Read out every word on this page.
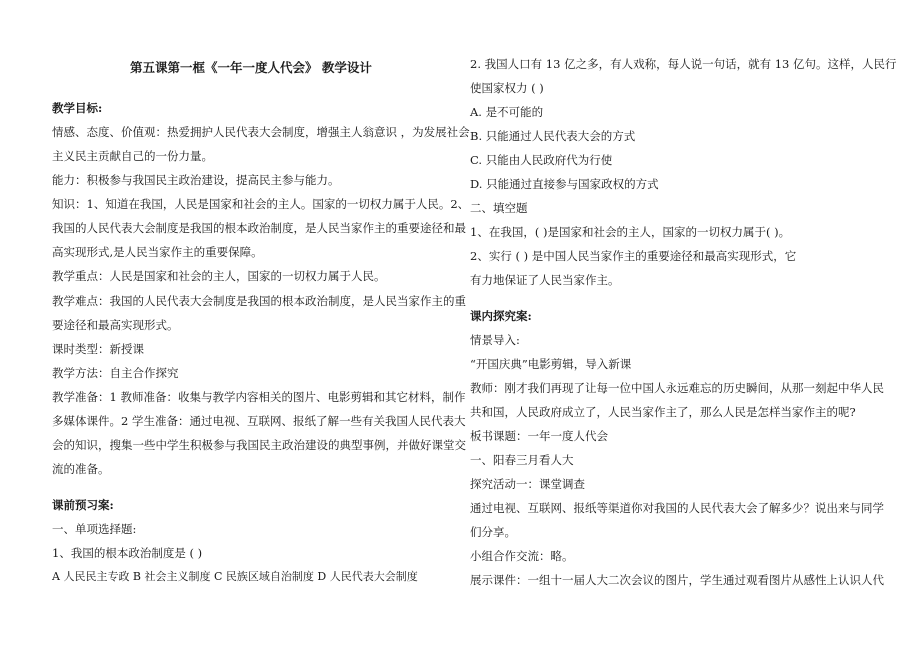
第五课第一框《一年一度人代会》 教学设计
教学目标:
情感、态度、价值观：热爱拥护人民代表大会制度，增强主人翁意识 ，为发展社会
主义民主贡献自己的一份力量。
能力：积极参与我国民主政治建设，提高民主参与能力。
知识：1、知道在我国，人民是国家和社会的主人。国家的一切权力属于人民。2、
我国的人民代表大会制度是我国的根本政治制度，是人民当家作主的重要途径和最
高实现形式,是人民当家作主的重要保障。
教学重点：人民是国家和社会的主人，国家的一切权力属于人民。
教学难点：我国的人民代表大会制度是我国的根本政治制度，是人民当家作主的重
要途径和最高实现形式。
课时类型：新授课
教学方法：自主合作探究
教学准备：1 教师准备：收集与教学内容相关的图片、电影剪辑和其它材料，制作
多媒体课件。2 学生准备：通过电视、互联网、报纸了解一些有关我国人民代表大
会的知识，搜集一些中学生积极参与我国民主政治建设的典型事例，并做好课堂交
流的准备。
课前预习案:
一、单项选择题:
1、我国的根本政治制度是 ( )
A 人民民主专政 B 社会主义制度 C 民族区域自治制度 D 人民代表大会制度
2. 我国人口有 13 亿之多，有人戏称，每人说一句话，就有 13 亿句。这样，人民行
使国家权力 ( )
A. 是不可能的
B. 只能通过人民代表大会的方式
C. 只能由人民政府代为行使
D. 只能通过直接参与国家政权的方式
二、填空题
1、在我国，( )是国家和社会的主人，国家的一切权力属于( )。
2、实行 ( ) 是中国人民当家作主的重要途径和最高实现形式，它
有力地保证了人民当家作主。
课内探究案:
情景导入:
“开国庆典”电影剪辑，导入新课
教师：刚才我们再现了让每一位中国人永远难忘的历史瞬间，从那一刻起中华人民
共和国，人民政府成立了，人民当家作主了，那么人民是怎样当家作主的呢?
板书课题：一年一度人代会
一、阳春三月看人大
探究活动一：课堂调查
通过电视、互联网、报纸等渠道你对我国的人民代表大会了解多少？说出来与同学
们分享。
小组合作交流：略。
展示课件：一组十一届人大二次会议的图片，学生通过观看图片从感性上认识人代
